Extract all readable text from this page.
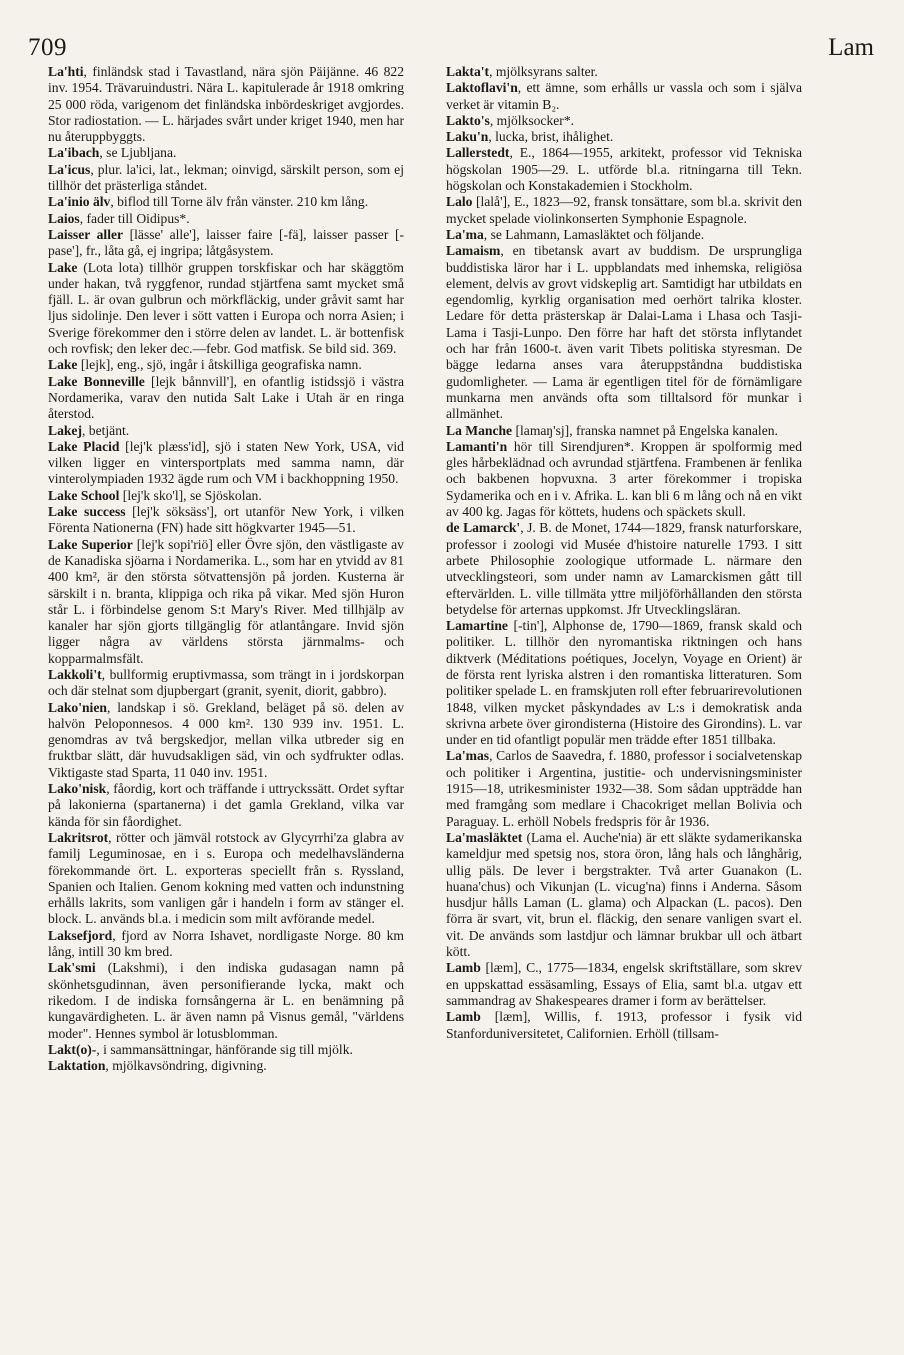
709	Lam

La'hti, finländsk stad i Tavastland, nära sjön Päijänne. 46 822 inv. 1954. Trävaruindustri. Nära L. kapitulerade år 1918 omkring 25 000 röda, varigenom det finländska inbördeskriget avgjordes. Stor radiostation. — L. härjades svårt under kriget 1940, men har nu återuppbyggts.

La'ibach, se Ljubljana.

La'icus, plur. la'ici, lat., lekman; oinvigd, särskilt person, som ej tillhör det prästerliga ståndet.

La'inio älv, biflod till Torne älv från vänster. 210 km lång.

Laios, fader till Oidipus*.

Laisser aller [lässe' alle'], laisser faire [-fä], laisser passer [-pase'], fr., låta gå, ej ingripa; låtgåsystem.

Lake (Lota lota) tillhör gruppen torskfiskar och har skäggtöm under hakan, två ryggfenor, rundad stjärtfena samt mycket små fjäll. L. är ovan gulbrun och mörkfläckig, under gråvit samt har ljus sidolinje. Den lever i sött vatten i Europa och norra Asien; i Sverige förekommer den i större delen av landet. L. är bottenfisk och rovfisk; den leker dec.—febr. God matfisk. Se bild sid. 369.

Lake [lejk], eng., sjö, ingår i åtskilliga geografiska namn.

Lake Bonneville [lejk bånnvill'], en ofantlig istidssjö i västra Nordamerika, varav den nutida Salt Lake i Utah är en ringa återstod.

Lakej, betjänt.

Lake Placid [lej'k plæss'id], sjö i staten New York, USA, vid vilken ligger en vintersportplats med samma namn, där vinterolympiaden 1932 ägde rum och VM i backhoppning 1950.

Lake School [lej'k sko'l], se Sjöskolan.

Lake success [lej'k söksäss'], ort utanför New York, i vilken Förenta Nationerna (FN) hade sitt högkvarter 1945—51.

Lake Superior [lej'k sopi'riö] eller Övre sjön, den västligaste av de Kanadiska sjöarna i Nordamerika. L., som har en ytvidd av 81 400 km², är den största sötvattensjön på jorden. Kusterna är särskilt i n. branta, klippiga och rika på vikar. Med sjön Huron står L. i förbindelse genom S:t Mary's River. Med tillhjälp av kanaler har sjön gjorts tillgänglig för atlantångare. Invid sjön ligger några av världens största järnmalms- och kopparmalmsfält.

Lakkoli't, bullformig eruptivmassa, som trängt in i jordskorpan och där stelnat som djupbergart (granit, syenit, diorit, gabbro).

Lako'nien, landskap i sö. Grekland, beläget på sö. delen av halvön Peloponnesos. 4 000 km². 130 939 inv. 1951. L. genomdras av två bergskedjor, mellan vilka utbreder sig en fruktbar slätt, där huvudsakligen säd, vin och sydfrukter odlas. Viktigaste stad Sparta, 11 040 inv. 1951.

Lako'nisk, fåordig, kort och träffande i uttryckssätt. Ordet syftar på lakonierna (spartanerna) i det gamla Grekland, vilka var kända för sin fåordighet.

Lakritsrot, rötter och jämväl rotstock av Glycyrrhi'za glabra av familj Leguminosae, en i s. Europa och medelhavsländerna förekommande ört. L. exporteras speciellt från s. Ryssland, Spanien och Italien. Genom kokning med vatten och indunstning erhålls lakrits, som vanligen går i handeln i form av stänger el. block. L. används bl.a. i medicin som milt avförande medel.

Laksefjord, fjord av Norra Ishavet, nordligaste Norge. 80 km lång, intill 30 km bred.

Lak'smi (Lakshmi), i den indiska gudasagan namn på skönhetsgudinnan, även personifierande lycka, makt och rikedom. I de indiska fornsångerna är L. en benämning på kungavärdigheten. L. är även namn på Visnus gemål, "världens moder". Hennes symbol är lotusblomman.

Lakt(o)-, i sammansättningar, hänförande sig till mjölk.

Laktation, mjölkavsöndring, digivning.

Lakta't, mjölksyrans salter.

Laktoflavi'n, ett ämne, som erhålls ur vassla och som i själva verket är vitamin B₂.

Lakto's, mjölksocker*.

Laku'n, lucka, brist, ihålighet.

Lallerstedt, E., 1864—1955, arkitekt, professor vid Tekniska högskolan 1905—29. L. utförde bl.a. ritningarna till Tekn. högskolan och Konstakademien i Stockholm.

Lalo [lalå'], E., 1823—92, fransk tonsättare, som bl.a. skrivit den mycket spelade violinkonserten Symphonie Espagnole.

La'ma, se Lahmann, Lamasläktet och följande.

Lamaism, en tibetansk avart av buddism. De ursprungliga buddistiska läror har i L. uppblandats med inhemska, religiösa element, delvis av grovt vidskeplig art. Samtidigt har utbildats en egendomlig, kyrklig organisation med oerhört talrika kloster. Ledare för detta prästerskap är Dalai-Lama i Lhasa och Tasji-Lama i Tasji-Lunpo. Den förre har haft det största inflytandet och har från 1600-t. även varit Tibets politiska styresman. De bägge ledarna anses vara återuppståndna buddistiska gudomligheter. — Lama är egentligen titel för de förnämligare munkarna men används ofta som tilltalsord för munkar i allmänhet.

La Manche [lamaŋ'sj], franska namnet på Engelska kanalen.

Lamanti'n hör till Sirendjuren*. Kroppen är spolformig med gles hårbeklädnad och avrundad stjärtfena. Frambenen är fenlika och bakbenen hopvuxna. 3 arter förekommer i tropiska Sydamerika och en i v. Afrika. L. kan bli 6 m lång och nå en vikt av 400 kg. Jagas för köttets, hudens och späckets skull.

de Lamarck', J. B. de Monet, 1744—1829, fransk naturforskare, professor i zoologi vid Musée d'histoire naturelle 1793. I sitt arbete Philosophie zoologique utformade L. närmare den utvecklingsteori, som under namn av Lamarckismen gått till eftervärlden. L. ville tillmäta yttre miljöförhållanden den största betydelse för arternas uppkomst. Jfr Utvecklingsläran.

Lamartine [-tin'], Alphonse de, 1790—1869, fransk skald och politiker. L. tillhör den nyromantiska riktningen och hans diktverk (Méditations poétiques, Jocelyn, Voyage en Orient) är de första rent lyriska alstren i den romantiska litteraturen. Som politiker spelade L. en framskjuten roll efter februarirevolutionen 1848, vilken mycket påskyndades av L:s i demokratisk anda skrivna arbete över girondisterna (Histoire des Girondins). L. var under en tid ofantligt populär men trädde efter 1851 tillbaka.

La'mas, Carlos de Saavedra, f. 1880, professor i socialvetenskap och politiker i Argentina, justitie- och undervisningsminister 1915—18, utrikesminister 1932—38. Som sådan uppträdde han med framgång som medlare i Chacokriget mellan Bolivia och Paraguay. L. erhöll Nobels fredspris för år 1936.

La'masläktet (Lama el. Auche'nia) är ett släkte sydamerikanska kameldjur med spetsig nos, stora öron, lång hals och långhårig, ullig päls. De lever i bergstrakter. Två arter Guanakon (L. huana'chus) och Vikunjan (L. vicug'na) finns i Anderna. Såsom husdjur hålls Laman (L. glama) och Alpackan (L. pacos). Den förra är svart, vit, brun el. fläckig, den senare vanligen svart el. vit. De används som lastdjur och lämnar brukbar ull och ätbart kött.

Lamb [læm], C., 1775—1834, engelsk skriftställare, som skrev en uppskattad essäsamling, Essays of Elia, samt bl.a. utgav ett sammandrag av Shakespeares dramer i form av berättelser.

Lamb [læm], Willis, f. 1913, professor i fysik vid Stanforduniversitetet, Californien. Erhöll (tillsam-
